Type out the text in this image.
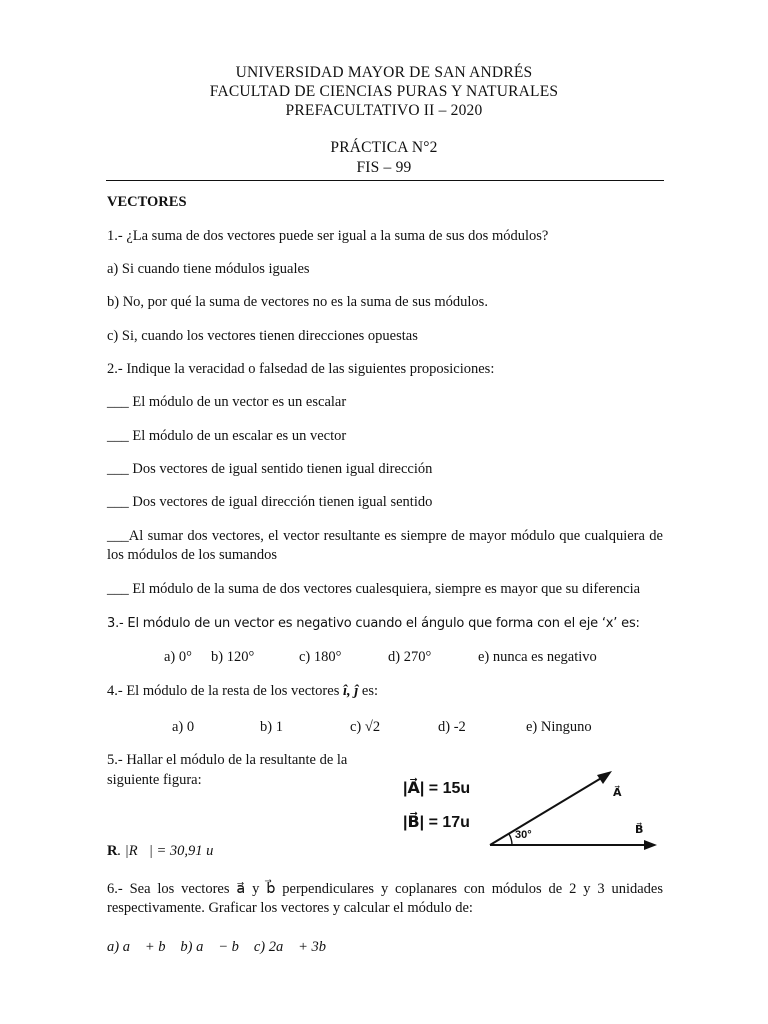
UNIVERSIDAD MAYOR DE SAN ANDRÉS
FACULTAD DE CIENCIAS PURAS Y NATURALES
PREFACULTATIVO II – 2020
PRÁCTICA N°2
FIS – 99
VECTORES
1.- ¿La suma de dos vectores puede ser igual a la suma de sus dos módulos?
a) Si cuando tiene módulos iguales
b) No, por qué la suma de vectores no es la suma de sus módulos.
c) Si, cuando los vectores tienen direcciones opuestas
2.- Indique la veracidad o falsedad de las siguientes proposiciones:
___ El módulo de un vector es un escalar
___ El módulo de un escalar es un vector
___ Dos vectores de igual sentido tienen igual dirección
___ Dos vectores de igual dirección tienen igual sentido
___Al sumar dos vectores, el vector resultante es siempre de mayor módulo que cualquiera de los módulos de los sumandos
___ El módulo de la suma de dos vectores cualesquiera, siempre es mayor que su diferencia
3.- El módulo de un vector es negativo cuando el ángulo que forma con el eje ‘x’ es:
a) 0° b) 120°	c) 180°	d) 270°	e) nunca es negativo
4.- El módulo de la resta de los vectores î, ĵ es:
a) 0	b) 1	c) √2	d) -2	e) Ninguno
5.- Hallar el módulo de la resultante de la
siguiente figura:
R. |R⃗| = 30,91 u
|A⃗| = 15u
|B⃗| = 17u
30°
A⃗
B⃗
6.- Sea los vectores a⃗ y b⃗ perpendiculares y coplanares con módulos de 2 y 3 unidades respectivamente. Graficar los vectores y calcular el módulo de:
a) a⃗ + b⃗ b) a⃗ − b⃗ c) 2a⃗ + 3b⃗
